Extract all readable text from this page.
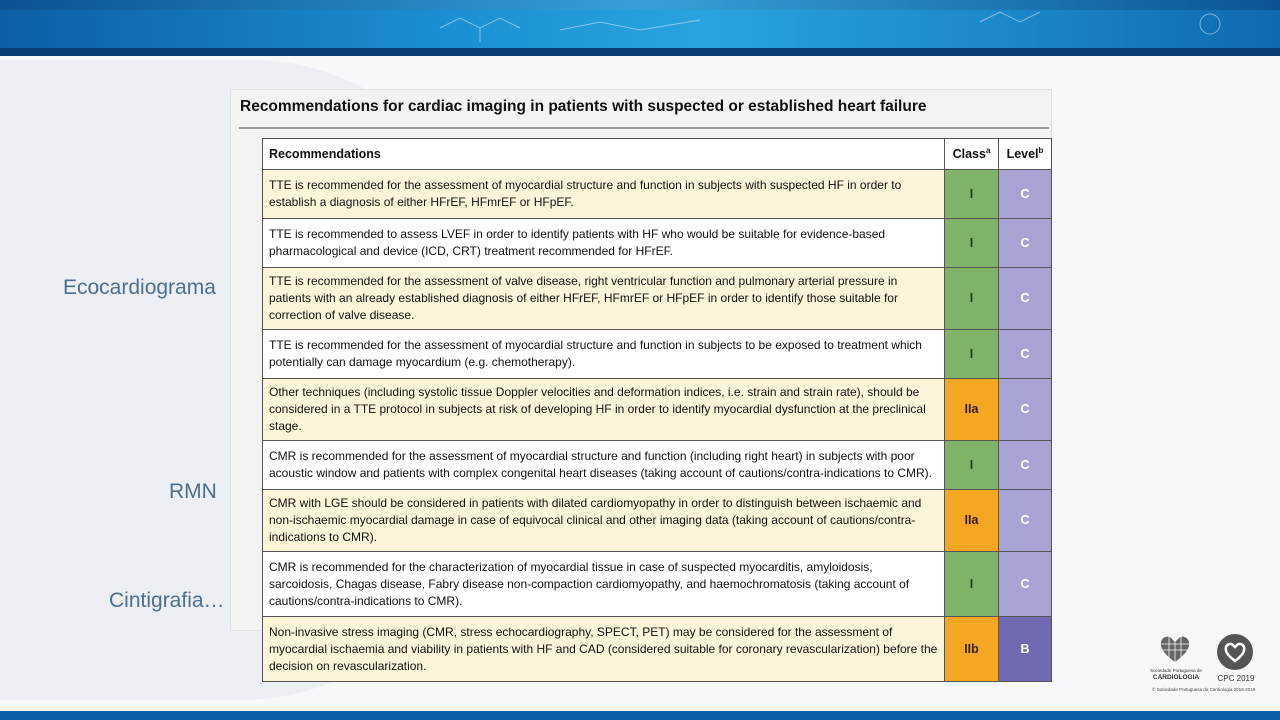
Ecocardiograma
RMN
Cintigrafia…
Recommendations for cardiac imaging in patients with suspected or established heart failure
Recommendations	Class$^a$	Level$^b$
TTE is recommended for the assessment of myocardial structure and function in subjects with suspected HF in order to establish a diagnosis of either HFrEF, HFmrEF or HFpEF.	I	C
TTE is recommended to assess LVEF in order to identify patients with HF who would be suitable for evidence-based pharmacological and device (ICD, CRT) treatment recommended for HFrEF.	I	C
TTE is recommended for the assessment of valve disease, right ventricular function and pulmonary arterial pressure in patients with an already established diagnosis of either HFrEF, HFmrEF or HFpEF in order to identify those suitable for correction of valve disease.	I	C
TTE is recommended for the assessment of myocardial structure and function in subjects to be exposed to treatment which potentially can damage myocardium (e.g. chemotherapy).	I	C
Other techniques (including systolic tissue Doppler velocities and deformation indices, i.e. strain and strain rate), should be considered in a TTE protocol in subjects at risk of developing HF in order to identify myocardial dysfunction at the preclinical stage.	IIa	C
CMR is recommended for the assessment of myocardial structure and function (including right heart) in subjects with poor acoustic window and patients with complex congenital heart diseases (taking account of cautions/contra-indications to CMR).	I	C
CMR with LGE should be considered in patients with dilated cardiomyopathy in order to distinguish between ischaemic and non-ischaemic myocardial damage in case of equivocal clinical and other imaging data (taking account of cautions/contra-indications to CMR).	IIa	C
CMR is recommended for the characterization of myocardial tissue in case of suspected myocarditis, amyloidosis, sarcoidosis, Chagas disease, Fabry disease non-compaction cardiomyopathy, and haemochromatosis (taking account of cautions/contra-indications to CMR).	I	C
Non-invasive stress imaging (CMR, stress echocardiography, SPECT, PET) may be considered for the assessment of myocardial ischaemia and viability in patients with HF and CAD (considered suitable for coronary revascularization) before the decision on revascularization.	IIb	B
Sociedade Portuguesa de
CARDIOLOGIA	CPC 2019
© Sociedade Portuguesa de Cardiologia 2018-2019
